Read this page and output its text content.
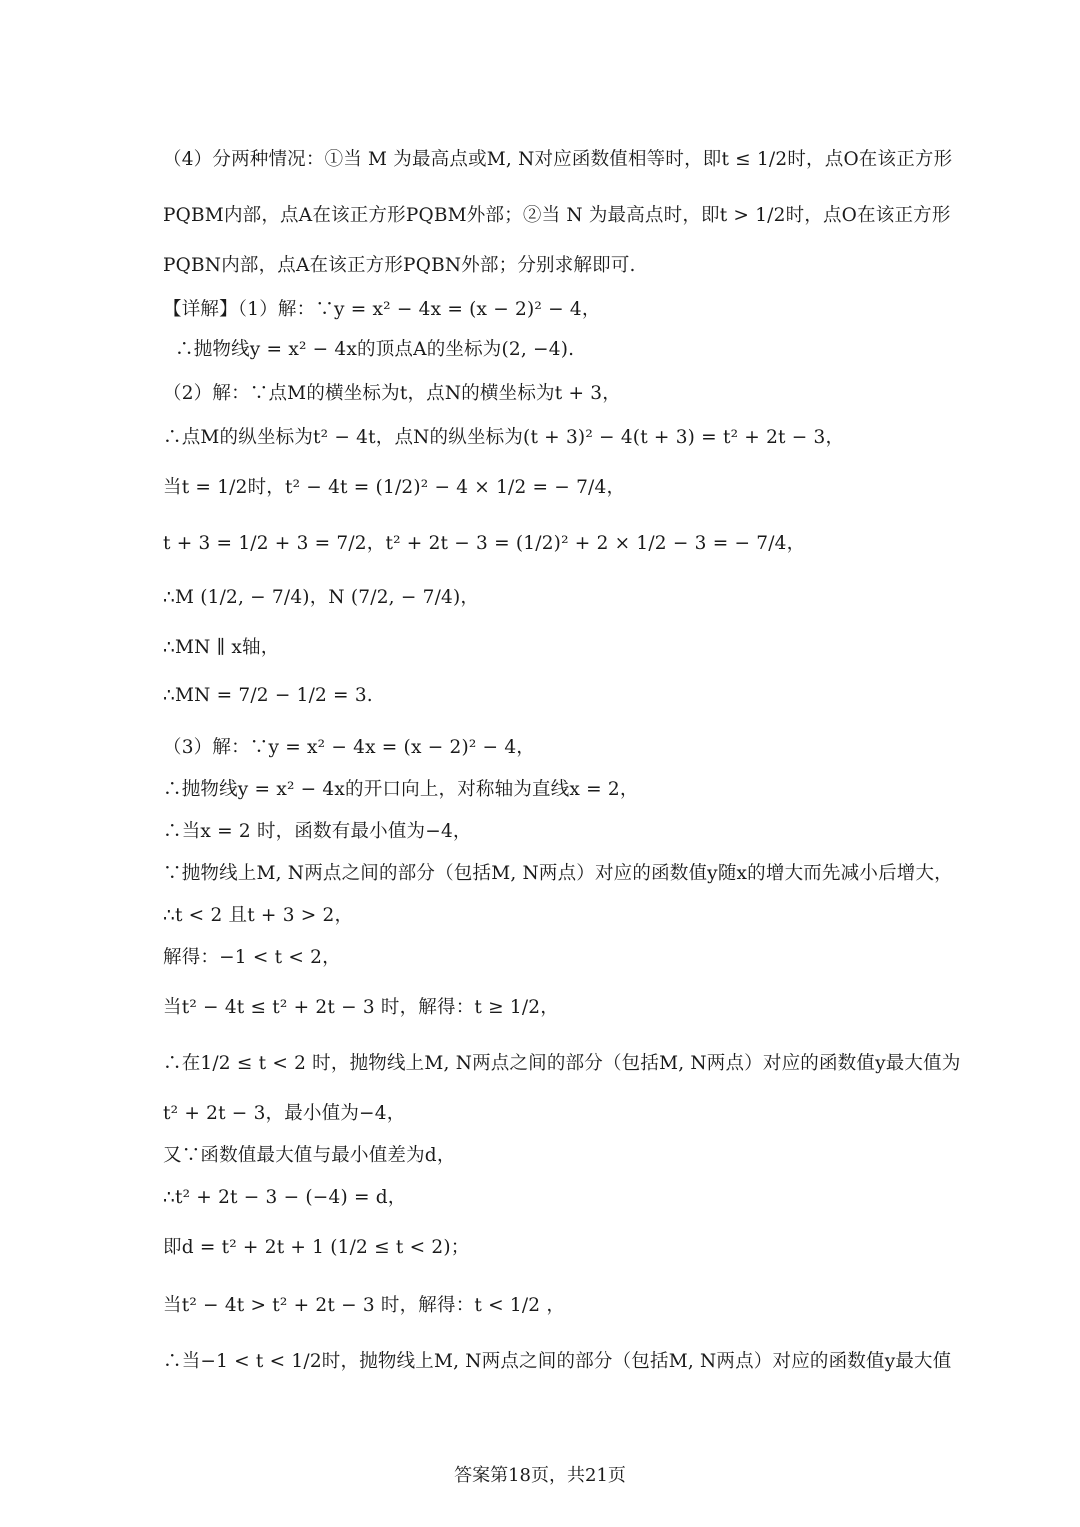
（4）分两种情况：①当 M 为最高点或M, N对应函数值相等时，即t ≤ 1/2时，点O在该正方形
PQBM内部，点A在该正方形PQBM外部；②当 N 为最高点时，即t > 1/2时，点O在该正方形
PQBN内部，点A在该正方形PQBN外部；分别求解即可.
【详解】（1）解：∵y = x² − 4x = (x − 2)² − 4，
∴抛物线y = x² − 4x的顶点A的坐标为(2, −4).
（2）解：∵点M的横坐标为t，点N的横坐标为t + 3，
∴点M的纵坐标为t² − 4t，点N的纵坐标为(t + 3)² − 4(t + 3) = t² + 2t − 3，
当t = 1/2时，t² − 4t = (1/2)² − 4 × 1/2 = − 7/4，
t + 3 = 1/2 + 3 = 7/2，t² + 2t − 3 = (1/2)² + 2 × 1/2 − 3 = − 7/4，
∴M (1/2, − 7/4)，N (7/2, − 7/4)，
∴MN ∥ x轴，
∴MN = 7/2 − 1/2 = 3.
（3）解：∵y = x² − 4x = (x − 2)² − 4，
∴抛物线y = x² − 4x的开口向上，对称轴为直线x = 2，
∴当x = 2 时，函数有最小值为−4，
∵抛物线上M, N两点之间的部分（包括M, N两点）对应的函数值y随x的增大而先减小后增大，
∴t < 2 且t + 3 > 2，
解得：−1 < t < 2，
当t² − 4t ≤ t² + 2t − 3 时，解得：t ≥ 1/2，
∴在1/2 ≤ t < 2 时，抛物线上M, N两点之间的部分（包括M, N两点）对应的函数值y最大值为
t² + 2t − 3，最小值为−4，
又∵函数值最大值与最小值差为d，
∴t² + 2t − 3 − (−4) = d，
即d = t² + 2t + 1 (1/2 ≤ t < 2)；
当t² − 4t > t² + 2t − 3 时，解得：t < 1/2 ，
∴当−1 < t < 1/2时，抛物线上M, N两点之间的部分（包括M, N两点）对应的函数值y最大值
答案第18页，共21页
